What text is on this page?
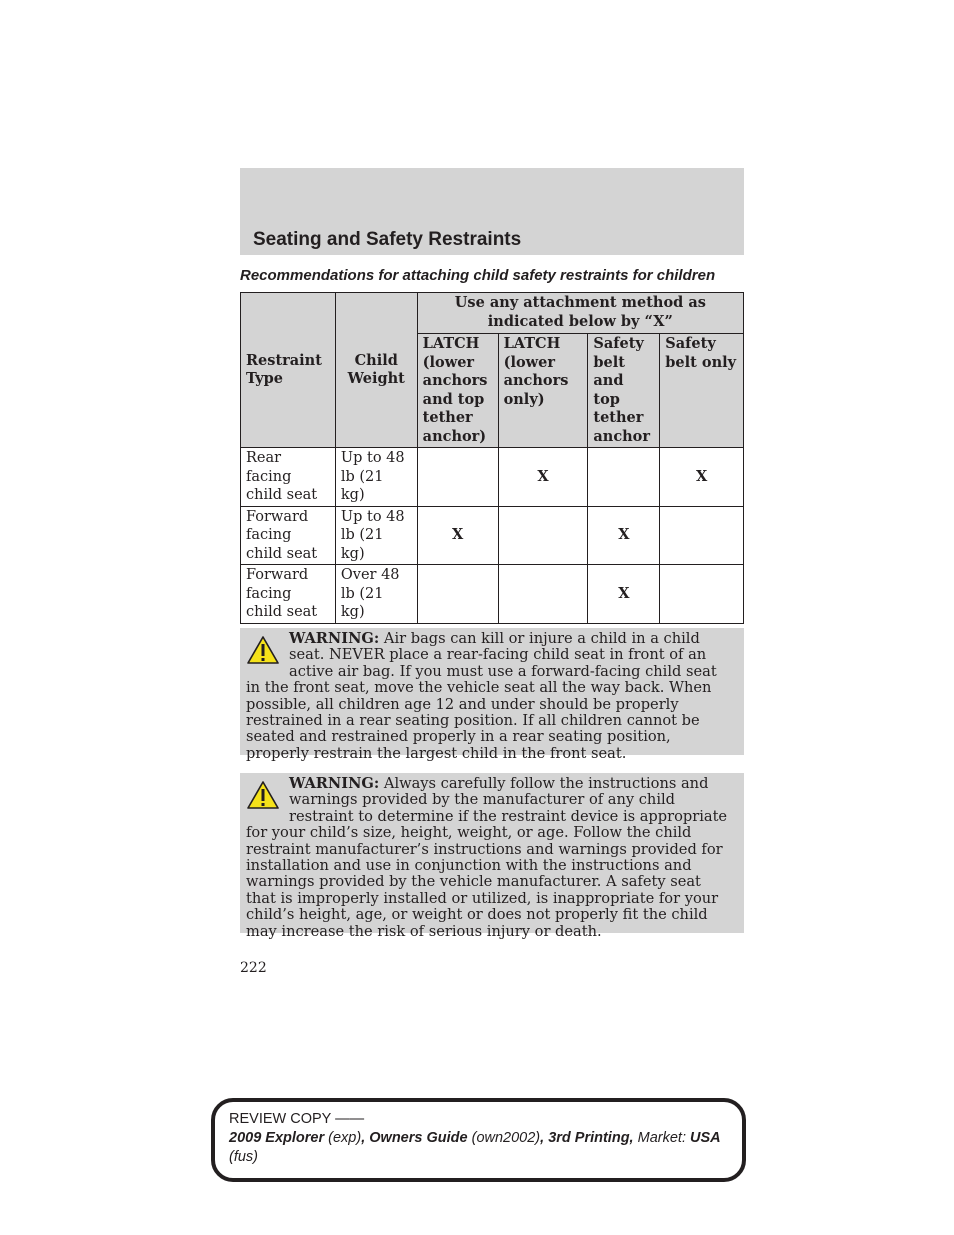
Seating and Safety Restraints
Recommendations for attaching child safety restraints for children
Restraint Type	Child Weight	Use any attachment method as indicated below by “X”			
		LATCH (lower anchors and top tether anchor)	LATCH (lower anchors only)	Safety belt and top tether anchor	Safety belt only
Rear facing child seat	Up to 48 lb (21 kg)		X		X
Forward facing child seat	Up to 48 lb (21 kg)	X		X	
Forward facing child seat	Over 48 lb (21 kg)			X	
WARNING: Air bags can kill or injure a child in a child seat. NEVER place a rear-facing child seat in front of an active air bag. If you must use a forward-facing child seat in the front seat, move the vehicle seat all the way back. When possible, all children age 12 and under should be properly restrained in a rear seating position. If all children cannot be seated and restrained properly in a rear seating position, properly restrain the largest child in the front seat.
WARNING: Always carefully follow the instructions and warnings provided by the manufacturer of any child restraint to determine if the restraint device is appropriate for your child’s size, height, weight, or age. Follow the child restraint manufacturer’s instructions and warnings provided for installation and use in conjunction with the instructions and warnings provided by the vehicle manufacturer. A safety seat that is improperly installed or utilized, is inappropriate for your child’s height, age, or weight or does not properly fit the child may increase the risk of serious injury or death.
222
REVIEW COPY ——
2009 Explorer (exp), Owners Guide (own2002), 3rd Printing, Market: USA
(fus)
